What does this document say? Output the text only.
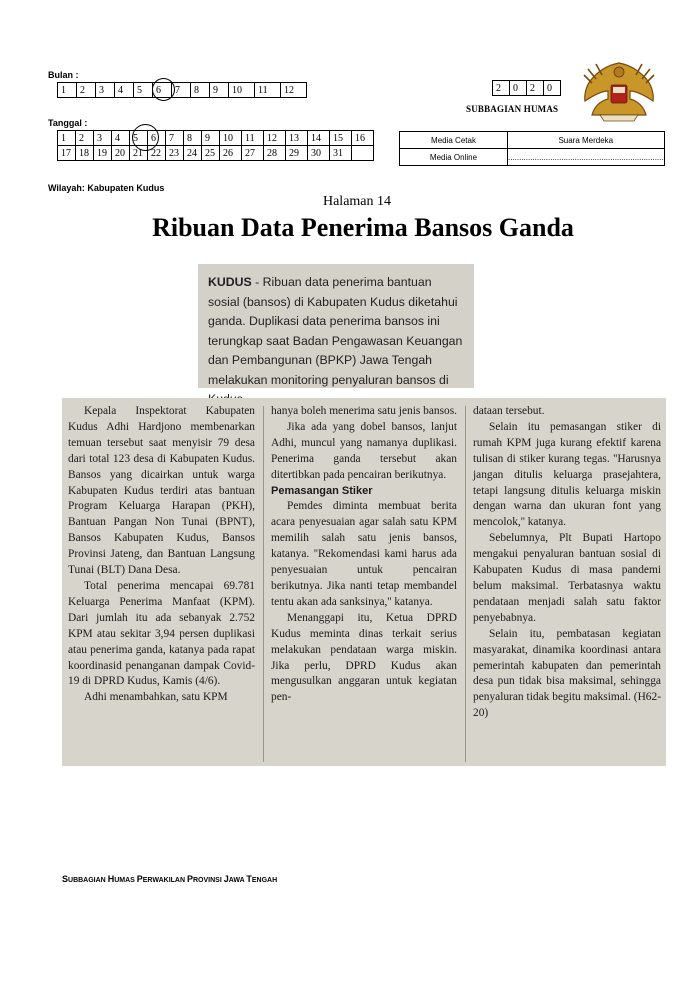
Bulan :
1	2	3	4	5	6	7	8	9	10	11	12
Tanggal :
1	2	3	4	5	6	7	8	9	10	11	12	13	14	15	16
17	18	19	20	21	22	23	24	25	26	27	28	29	30	31	
2	0	2	0
SUBBAGIAN HUMAS
Media Cetak	Suara Merdeka
Media Online	......................................................................
Wilayah: Kabupaten Kudus
Halaman 14
Ribuan Data Penerima Bansos Ganda
KUDUS - Ribuan data penerima bantuan sosial (bansos) di Kabupaten Kudus diketahui ganda. Duplikasi data penerima bansos ini terungkap saat Badan Pengawasan Keuangan dan Pembangunan (BPKP) Jawa Tengah melakukan monitoring penyaluran bansos di

Kepala Inspektorat Kabupaten Kudus Adhi Hardjono membenarkan temuan tersebut saat menyisir 79 desa dari total 123 desa di Kabupaten Kudus. Bansos yang dicairkan untuk warga Kabupaten Kudus terdiri atas bantuan Program Keluarga Harapan (PKH), Bantuan Pangan Non Tunai (BPNT), Bansos Kabupaten Kudus, Bansos Provinsi Jateng, dan Bantuan Langsung Tunai (BLT) Dana Desa.

Total penerima mencapai 69.781 Keluarga Penerima Manfaat (KPM). Dari jumlah itu ada sebanyak 2.752 KPM atau sekitar 3,94 persen duplikasi atau penerima ganda, katanya pada rapat koordinasid penanganan dampak Covid-19 di DPRD Kudus, Kamis (4/6).

Adhi menambahkan, satu KPM

hanya boleh menerima satu jenis bansos.

Jika ada yang dobel bansos, lanjut Adhi, muncul yang namanya duplikasi. Penerima ganda tersebut akan ditertibkan pada pencairan berikutnya.

Pemasangan Stiker

Pemdes diminta membuat berita acara penyesuaian agar salah satu KPM memilih salah satu jenis bansos, katanya. ''Rekomendasi kami harus ada penyesuaian untuk pencairan berikutnya. Jika nanti tetap membandel tentu akan ada sanksinya,'' katanya.

Menanggapi itu, Ketua DPRD Kudus meminta dinas terkait serius melakukan pendataan warga miskin. Jika perlu, DPRD Kudus akan mengusulkan anggaran untuk kegiatan pen-

dataan tersebut.

Selain itu pemasangan stiker di rumah KPM juga kurang efektif karena tulisan di stiker kurang tegas. ''Harusnya jangan ditulis keluarga prasejahtera, tetapi langsung ditulis keluarga miskin dengan warna dan ukuran font yang mencolok,'' katanya.

Sebelumnya, Plt Bupati Hartopo mengakui penyaluran bantuan sosial di Kabupaten Kudus di masa pandemi belum maksimal. Terbatasnya waktu pendataan menjadi salah satu faktor penyebabnya.

Selain itu, pembatasan kegiatan masyarakat, dinamika koordinasi antara pemerintah kabupaten dan pemerintah desa pun tidak bisa maksimal, sehingga penyaluran tidak begitu maksimal. (H62-20)

SUBBAGIAN HUMAS PERWAKILAN PROVINSI JAWA TENGAH
